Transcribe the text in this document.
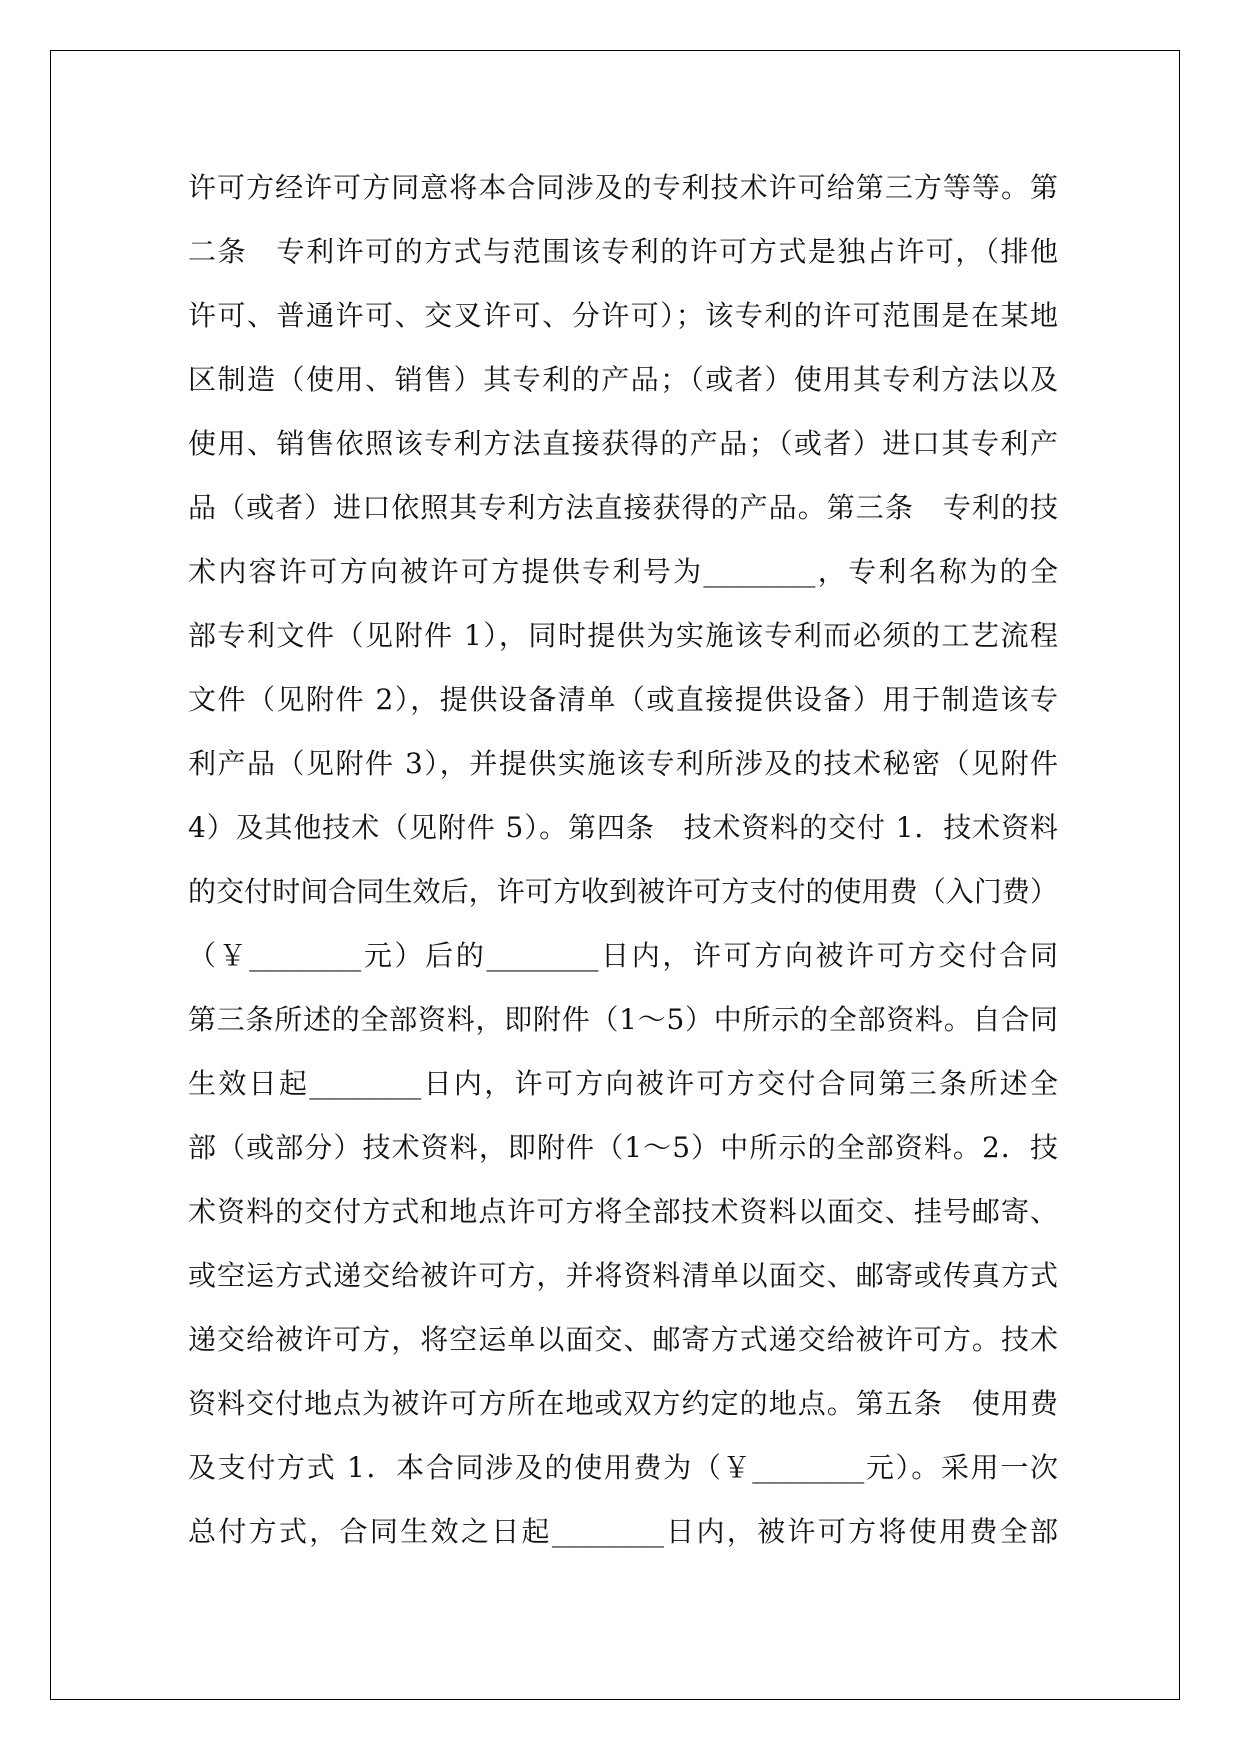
许可方经许可方同意将本合同涉及的专利技术许可给第三方等等。第
二条　专利许可的方式与范围该专利的许可方式是独占许可，（排他
许可、普通许可、交叉许可、分许可）；该专利的许可范围是在某地
区制造（使用、销售）其专利的产品；（或者）使用其专利方法以及
使用、销售依照该专利方法直接获得的产品；（或者）进口其专利产
品（或者）进口依照其专利方法直接获得的产品。第三条　专利的技
术内容许可方向被许可方提供专利号为________，专利名称为的全
部专利文件（见附件 1），同时提供为实施该专利而必须的工艺流程
文件（见附件 2），提供设备清单（或直接提供设备）用于制造该专
利产品（见附件 3），并提供实施该专利所涉及的技术秘密（见附件
4）及其他技术（见附件 5）。第四条　技术资料的交付 1．技术资料
的交付时间合同生效后，许可方收到被许可方支付的使用费（入门费）
（￥________元）后的________日内，许可方向被许可方交付合同
第三条所述的全部资料，即附件（1～5）中所示的全部资料。自合同
生效日起________日内，许可方向被许可方交付合同第三条所述全
部（或部分）技术资料，即附件（1～5）中所示的全部资料。2．技
术资料的交付方式和地点许可方将全部技术资料以面交、挂号邮寄、
或空运方式递交给被许可方，并将资料清单以面交、邮寄或传真方式
递交给被许可方，将空运单以面交、邮寄方式递交给被许可方。技术
资料交付地点为被许可方所在地或双方约定的地点。第五条　使用费
及支付方式 1．本合同涉及的使用费为（￥________元）。采用一次
总付方式，合同生效之日起________日内，被许可方将使用费全部
